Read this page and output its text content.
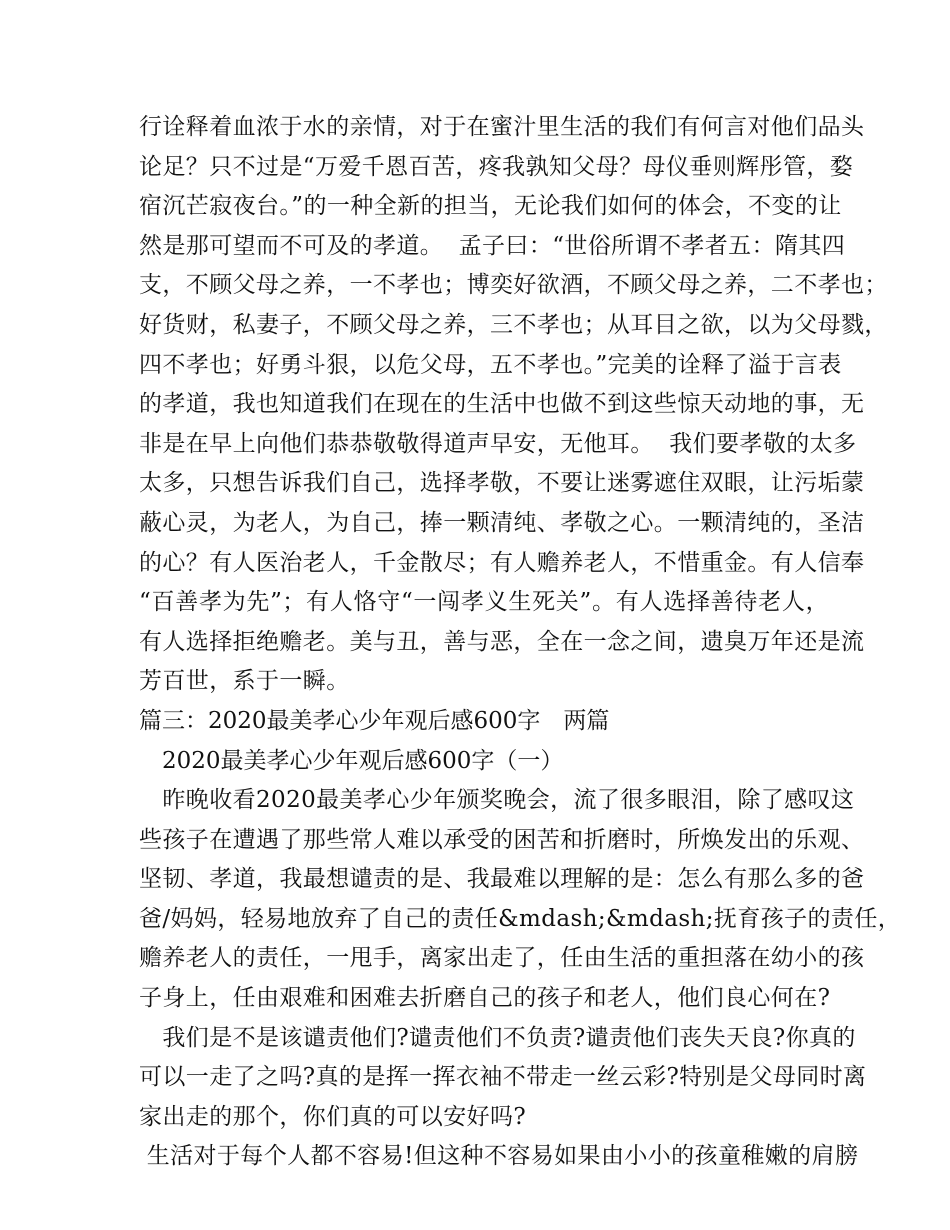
行诠释着血浓于水的亲情，对于在蜜汁里生活的我们有何言对他们品头
论足？只不过是“万爱千恩百苦，疼我孰知父母？母仪垂则辉彤管，婺
宿沉芒寂夜台。”的一种全新的担当，无论我们如何的体会，不变的让
然是那可望而不可及的孝道。  孟子曰：“世俗所谓不孝者五：隋其四
支，不顾父母之养，一不孝也；博奕好欲酒，不顾父母之养，二不孝也；
好货财，私妻子，不顾父母之养，三不孝也；从耳目之欲，以为父母戮，
四不孝也；好勇斗狠，以危父母，五不孝也。”完美的诠释了溢于言表
的孝道，我也知道我们在现在的生活中也做不到这些惊天动地的事，无
非是在早上向他们恭恭敬敬得道声早安，无他耳。  我们要孝敬的太多
太多，只想告诉我们自己，选择孝敬，不要让迷雾遮住双眼，让污垢蒙
蔽心灵，为老人，为自己，捧一颗清纯、孝敬之心。一颗清纯的，圣洁
的心？有人医治老人，千金散尽；有人赡养老人，不惜重金。有人信奉
“百善孝为先”；有人恪守“一闯孝义生死关”。有人选择善待老人，
有人选择拒绝赡老。美与丑，善与恶，全在一念之间，遗臭万年还是流
芳百世，系于一瞬。
篇三：2020最美孝心少年观后感600字　两篇
　2020最美孝心少年观后感600字（一）
　昨晚收看2020最美孝心少年颁奖晚会，流了很多眼泪，除了感叹这
些孩子在遭遇了那些常人难以承受的困苦和折磨时，所焕发出的乐观、
坚韧、孝道，我最想谴责的是、我最难以理解的是：怎么有那么多的爸
爸/妈妈，轻易地放弃了自己的责任&mdash;&mdash;抚育孩子的责任，
赡养老人的责任，一甩手，离家出走了，任由生活的重担落在幼小的孩
子身上，任由艰难和困难去折磨自己的孩子和老人，他们良心何在?
　我们是不是该谴责他们?谴责他们不负责?谴责他们丧失天良?你真的
可以一走了之吗?真的是挥一挥衣袖不带走一丝云彩?特别是父母同时离
家出走的那个，你们真的可以安好吗?
生活对于每个人都不容易!但这种不容易如果由小小的孩童稚嫩的肩膀
